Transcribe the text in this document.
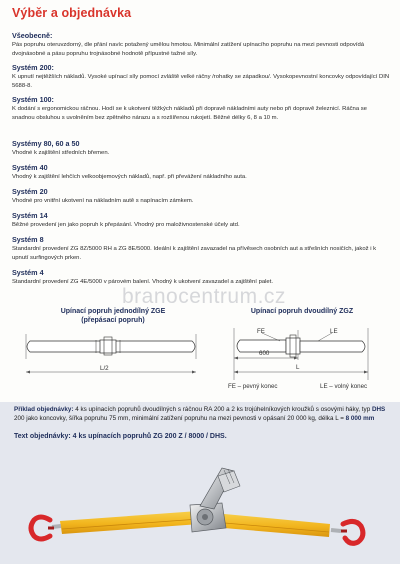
Výběr a objednávka
Všeobecně:
Pás popruhu oteruvzdorný, dle přání navíc potažený umělou hmotou. Minimální zatížení upínacího popruhu na mezi pevnosti odpovídá dvojnásobné a pásu popruhu trojnásobné hodnotě přípustné tažné síly.
Systém 200:
K upnutí nejtěžších nákladů. Vysoké upínací síly pomocí zvláště velké ráčny /rohatky se západkou/. Vysokopevnostní koncovky odpovídající DIN 5688-8.
Systém 100:
K dodání s ergonomickou ráčnou. Hodí se k ukotvení těžkých nákladů při dopravě nákladními auty nebo při dopravě železnicí. Ráčna se snadnou obsluhou s uvolněním bez zpětného nárazu a s rozšířenou rukojetí. Běžné délky 6, 8 a 10 m.
Systémy 80, 60 a 50
Vhodné k zajištění středních břemen.
Systém 40
Vhodný k zajištění lehčích velkoobjemových nákladů, např. při převážení nákladního auta.
Systém 20
Vhodné pro vnitřní ukotvení na nákladním autě s napínacím zámkem.
Systém 14
Běžné provedení jen jako popruh k přepásání. Vhodný pro maloživnostenské účely atd.
Systém 8
Standardní provedení ZG 8Z/5000 RH a ZG 8E/5000. Ideální k zajištění zavazadel na přívěsech osobních aut a střešních nosičích, jakož i k upnutí surfingových prken.
Systém 4
Standardní provedení ZG 4E/5000 v párovém balení. Vhodný k ukotvení zavazadel a zajištění palet.
branocentrum.cz
Upínací popruh jednodílný ZGE
(přepásací popruh)
L/2
Upínací popruh dvoudílný ZGZ
FE	LE
600
L
FE – pevný konec	LE – volný konec
Příklad objednávky: 4 ks upínacích popruhů dvoudílných s ráčnou RA 200 a 2 ks trojúhelníkových kroužků s osovými háky, typ DHS 200 jako koncovky, šířka popruhu 75 mm, minimální zatížení popruhu na mezi pevnosti v opásaní 20 000 kg, délka L = 8 000 mm
Text objednávky: 4 ks upínacích popruhů ZG 200 Z / 8000 / DHS.
